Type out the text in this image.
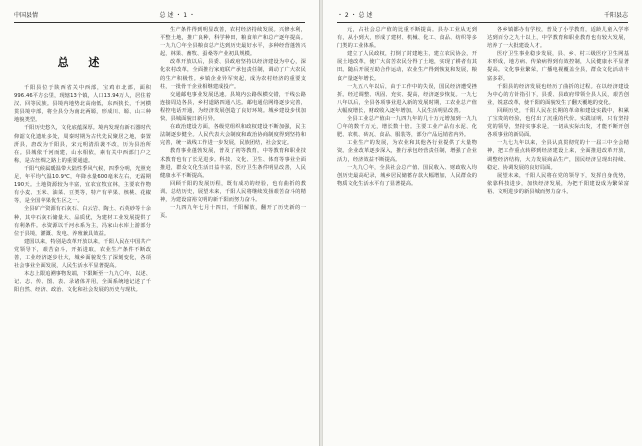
中国县情	总 述 ・ 1 ・
总 述

千阳县位于陕西省关中西部，宝鸡市北部，面积996.46平方公里，现辖13个镇，人口13.94万人，居住着汉、回等民族。县境内地势北高南低，东西狭长，千河横贯县境中部，将全县分为南北两塬，形成川、塬、山三种地貌类型。

千阳历史悠久，文化底蕴深厚。境内发现有新石器时代仰韶文化遗址多处，周秦时期为古代先民聚居之地，秦置汧县，唐改为千阳县，宋元明清沿袭不改，历为县治所在。县城依千河而建，山水相依，素有关中西部门户之称，是古丝绸之路上的重要通道。

千阳气候属暖温带大陆性季风气候，四季分明，光照充足，年平均气温10.9℃，年降水量600毫米左右，无霜期190天。土地资源较为丰富，宜农宜牧宜林，主要农作物有小麦、玉米、油菜、豆类等，特产有苹果、核桃、花椒等，是全国苹果优生区之一。

全县矿产资源有石灰石、白云岩、陶土、石英砂等十余种，其中石灰石储量大、品质优，为建材工业发展提供了有利条件。水资源以千河水系为主，冯家山水库上游部分位于县境，灌溉、发电、养殖兼具效益。

建国以来，特别是改革开放以来，千阳人民在中国共产党领导下，艰苦奋斗，开拓进取，农业生产条件不断改善，工业经济逐步壮大，城乡面貌发生了深刻变化，各项社会事业全面发展，人民生活水平显著提高。

本志上限追溯事物发端，下限断至一九九〇年，以述、记、志、传、图、表、录诸体并用，全面系统地记述了千阳自然、经济、政治、文化和社会发展的历史与现状。

生产条件得到明显改善，农村经济持续发展。兴修水利，平整土地，推广良种，科学种田，粮食单产和总产逐年提高。一九九〇年全县粮食总产达到历史最好水平，多种经营蓬勃兴起，林果、畜牧、蚕桑等产业初具规模。

改革开放以后，县委、县政府坚持以经济建设为中心，深化农村改革，全面推行家庭联产承包责任制，调动了广大农民的生产积极性。乡镇企业异军突起，成为农村经济的重要支柱，一批骨干企业相继建成投产。

交通邮电事业发展迅速。县境内公路纵横交错，干线公路连接周边各县，乡村道路四通八达。邮电通信网络逐步完善，程控电话开通，为经济发展创造了良好环境。城乡建设步伐加快，县城面貌日新月异。

在政治建设方面，各级党组织和政权建设不断加强，民主法制逐步健全。人民代表大会制度和政治协商制度得到坚持和完善，统一战线工作进一步发展，民族团结，社会安定。

教育事业蓬勃发展，普及了初等教育，中等教育和职业技术教育也有了长足进步。科技、文化、卫生、体育等事业全面推进，群众文化生活日益丰富，医疗卫生条件明显改善，人民健康水平不断提高。

回顾千阳的发展历程，既有成功的经验，也有曲折的教训。总结历史，展望未来，千阳人民将继续发扬艰苦奋斗的精神，为建设富裕文明的新千阳而努力奋斗。

一九四九年七月十四日，千阳解放，翻开了历史新的一页。

・ 2 ・ 总 述	千阳县志

元，占社会总产值的比重不断提高。县办工业从无到有，从小到大，形成了建材、机械、化工、食品、纺织等多门类的工业体系。

建立了人民政权，打倒了封建地主，建立农民协会，开展土地改革，使广大贫苦农民分得了土地，实现了耕者有其田。随后开展互助合作运动，农业生产得到恢复和发展，粮食产量逐年增长。

一九五八年以后，由于工作中的失误，国民经济遭受挫折。经过调整、巩固、充实、提高，经济逐步恢复。一九七八年以后，全县各项事业进入新的发展时期，工农业总产值大幅度增长，财政收入逐年增加，人民生活明显改善。

全县工业总产值由一九四九年的几十万元增加到一九九〇年的数千万元，增长数十倍。主要工业产品有水泥、化肥、农机、砖瓦、食品、服装等，部分产品远销省内外。

工业生产的发展，为农业和其他各行业提供了大量物资。企业改革逐步深入，推行承包经营责任制，增强了企业活力，经济效益不断提高。

一九九〇年，全县社会总产值、国民收入、财政收入均创历史最高纪录，城乡居民储蓄存款大幅增加，人民群众的物质文化生活水平有了显著提高。

各乡镇都办有学校，普及了小学教育，适龄儿童入学率达到百分之九十以上，中学教育和职业教育也有较大发展，培养了一大批建设人才。

医疗卫生事业稳步发展，县、乡、村三级医疗卫生网基本形成，地方病、传染病得到有效控制，人民健康水平显著提高。文化事业繁荣，广播电视覆盖全县，群众文化活动丰富多彩。

千阳县的经济发展也经历了曲折的过程。在以经济建设为中心的方针指引下，县委、县政府带领全县人民，艰苦创业，锐意改革，使千阳的面貌发生了翻天覆地的变化。

回顾历史，千阳人民在长期的革命和建设实践中，积累了宝贵的经验，也付出了沉重的代价。实践证明，只有坚持党的领导，坚持实事求是，一切从实际出发，才能不断开创各项事业的新局面。

一九七九年以来，全县认真贯彻党的十一届三中全会精神，把工作重点转移到经济建设上来，全面推进改革开放，调整经济结构，大力发展商品生产，国民经济呈现出持续、稳定、协调发展的良好局面。

展望未来，千阳人民将在党的领导下，发挥自身优势，依靠科技进步，加快经济发展，为把千阳建设成为繁荣富裕、文明进步的新县城而努力奋斗。
